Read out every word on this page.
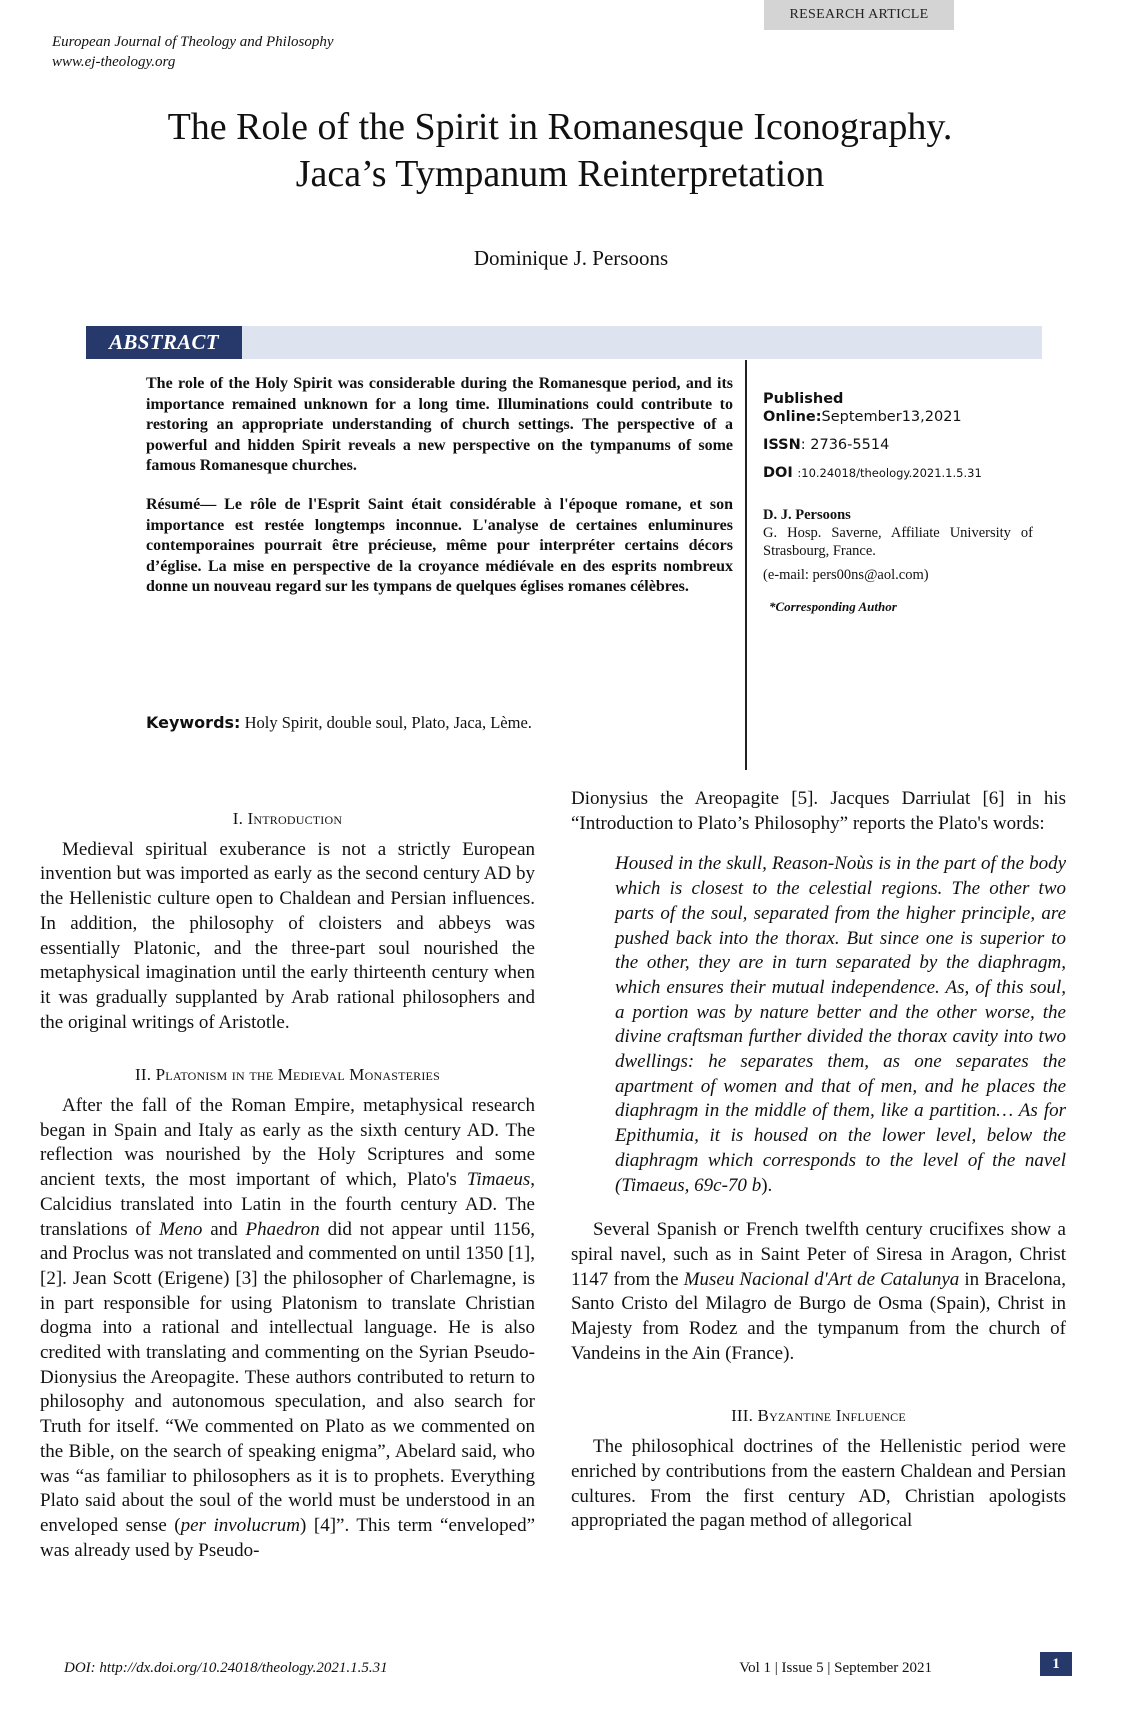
RESEARCH ARTICLE
European Journal of Theology and Philosophy
www.ej-theology.org
The Role of the Spirit in Romanesque Iconography.
Jaca’s Tympanum Reinterpretation
Dominique J. Persoons
ABSTRACT

The role of the Holy Spirit was considerable during the Romanesque period, and its importance remained unknown for a long time. Illuminations could contribute to restoring an appropriate understanding of church settings. The perspective of a powerful and hidden Spirit reveals a new perspective on the tympanums of some famous Romanesque churches.

Résumé— Le rôle de l'Esprit Saint était considérable à l'époque romane, et son importance est restée longtemps inconnue. L'analyse de certaines enluminures contemporaines pourrait être précieuse, même pour interpréter certains décors d’église. La mise en perspective de la croyance médiévale en des esprits nombreux donne un nouveau regard sur les tympans de quelques églises romanes célèbres.

Keywords: Holy Spirit, double soul, Plato, Jaca, Lème.
Published Online:September13,2021
ISSN: 2736-5514
DOI :10.24018/theology.2021.1.5.31
D. J. Persoons
G. Hosp. Saverne, Affiliate University of Strasbourg, France.
(e-mail: pers00ns@aol.com)
*Corresponding Author
I. Introduction

Medieval spiritual exuberance is not a strictly European invention but was imported as early as the second century AD by the Hellenistic culture open to Chaldean and Persian influences. In addition, the philosophy of cloisters and abbeys was essentially Platonic, and the three-part soul nourished the metaphysical imagination until the early thirteenth century when it was gradually supplanted by Arab rational philosophers and the original writings of Aristotle.

II. Platonism in the Medieval Monasteries

After the fall of the Roman Empire, metaphysical research began in Spain and Italy as early as the sixth century AD. The reflection was nourished by the Holy Scriptures and some ancient texts, the most important of which, Plato's Timaeus, Calcidius translated into Latin in the fourth century AD. The translations of Meno and Phaedron did not appear until 1156, and Proclus was not translated and commented on until 1350 [1], [2]. Jean Scott (Erigene) [3] the philosopher of Charlemagne, is in part responsible for using Platonism to translate Christian dogma into a rational and intellectual language. He is also credited with translating and commenting on the Syrian Pseudo-Dionysius the Areopagite. These authors contributed to return to philosophy and autonomous speculation, and also search for Truth for itself. “We commented on Plato as we commented on the Bible, on the search of speaking enigma”, Abelard said, who was “as familiar to philosophers as it is to prophets. Everything Plato said about the soul of the world must be understood in an enveloped sense (per involucrum) [4]”. This term “enveloped” was already used by Pseudo-

Dionysius the Areopagite [5]. Jacques Darriulat [6] in his “Introduction to Plato’s Philosophy” reports the Plato's words:

Housed in the skull, Reason-Noùs is in the part of the body which is closest to the celestial regions. The other two parts of the soul, separated from the higher principle, are pushed back into the thorax. But since one is superior to the other, they are in turn separated by the diaphragm, which ensures their mutual independence. As, of this soul, a portion was by nature better and the other worse, the divine craftsman further divided the thorax cavity into two dwellings: he separates them, as one separates the apartment of women and that of men, and he places the diaphragm in the middle of them, like a partition… As for Epithumia, it is housed on the lower level, below the diaphragm which corresponds to the level of the navel (Timaeus, 69c-70 b).

Several Spanish or French twelfth century crucifixes show a spiral navel, such as in Saint Peter of Siresa in Aragon, Christ 1147 from the Museu Nacional d'Art de Catalunya in Bracelona, Santo Cristo del Milagro de Burgo de Osma (Spain), Christ in Majesty from Rodez and the tympanum from the church of Vandeins in the Ain (France).

III. Byzantine Influence

The philosophical doctrines of the Hellenistic period were enriched by contributions from the eastern Chaldean and Persian cultures. From the first century AD, Christian apologists appropriated the pagan method of allegorical

DOI: http://dx.doi.org/10.24018/theology.2021.1.5.31	Vol 1 | Issue 5 | September 2021	1
